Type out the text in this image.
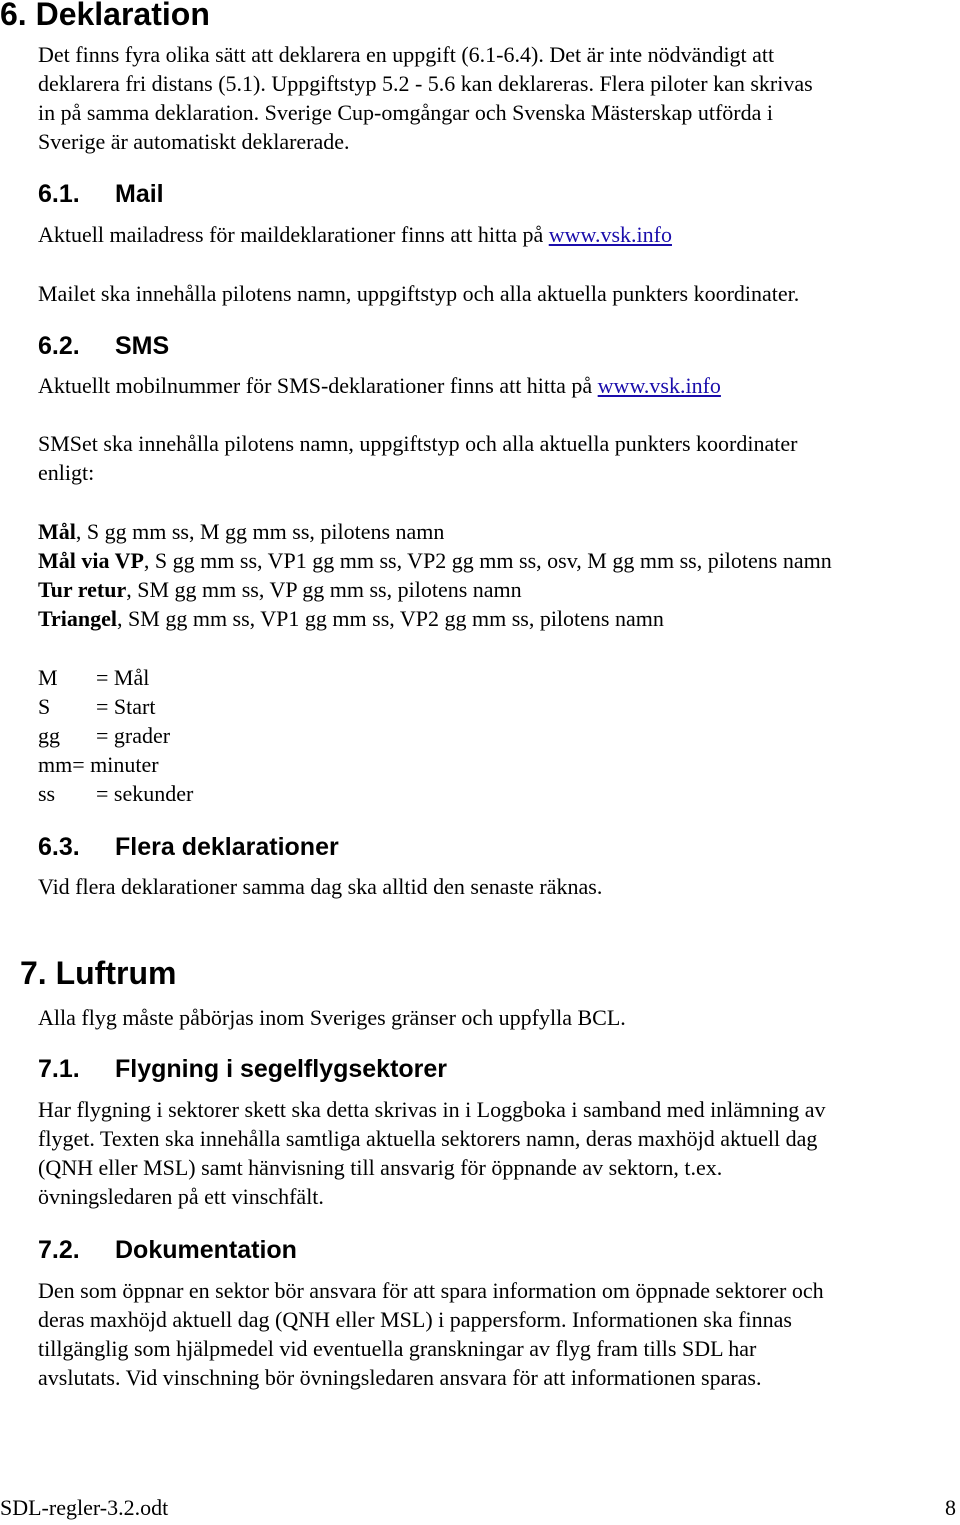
6. Deklaration
Det finns fyra olika sätt att deklarera en uppgift (6.1-6.4). Det är inte nödvändigt att
deklarera fri distans (5.1). Uppgiftstyp 5.2 - 5.6 kan deklareras. Flera piloter kan skrivas
in på samma deklaration. Sverige Cup-omgångar och Svenska Mästerskap utförda i
Sverige är automatiskt deklarerade.
6.1. Mail
Aktuell mailadress för maildeklarationer finns att hitta på www.vsk.info
Mailet ska innehålla pilotens namn, uppgiftstyp och alla aktuella punkters koordinater.
6.2. SMS
Aktuellt mobilnummer för SMS-deklarationer finns att hitta på www.vsk.info
SMSet ska innehålla pilotens namn, uppgiftstyp och alla aktuella punkters koordinater
enligt:
Mål, S gg mm ss, M gg mm ss, pilotens namn
Mål via VP, S gg mm ss, VP1 gg mm ss, VP2 gg mm ss, osv, M gg mm ss, pilotens namn
Tur retur, SM gg mm ss, VP gg mm ss, pilotens namn
Triangel, SM gg mm ss, VP1 gg mm ss, VP2 gg mm ss, pilotens namn
M = Mål
S = Start
gg = grader
mm= minuter
ss = sekunder
6.3. Flera deklarationer
Vid flera deklarationer samma dag ska alltid den senaste räknas.
7. Luftrum
Alla flyg måste påbörjas inom Sveriges gränser och uppfylla BCL.
7.1. Flygning i segelflygsektorer
Har flygning i sektorer skett ska detta skrivas in i Loggboka i samband med inlämning av
flyget. Texten ska innehålla samtliga aktuella sektorers namn, deras maxhöjd aktuell dag
(QNH eller MSL) samt hänvisning till ansvarig för öppnande av sektorn, t.ex.
övningsledaren på ett vinschfält.
7.2. Dokumentation
Den som öppnar en sektor bör ansvara för att spara information om öppnade sektorer och
deras maxhöjd aktuell dag (QNH eller MSL) i pappersform. Informationen ska finnas
tillgänglig som hjälpmedel vid eventuella granskningar av flyg fram tills SDL har
avslutats. Vid vinschning bör övningsledaren ansvara för att informationen sparas.
SDL-regler-3.2.odt	8
